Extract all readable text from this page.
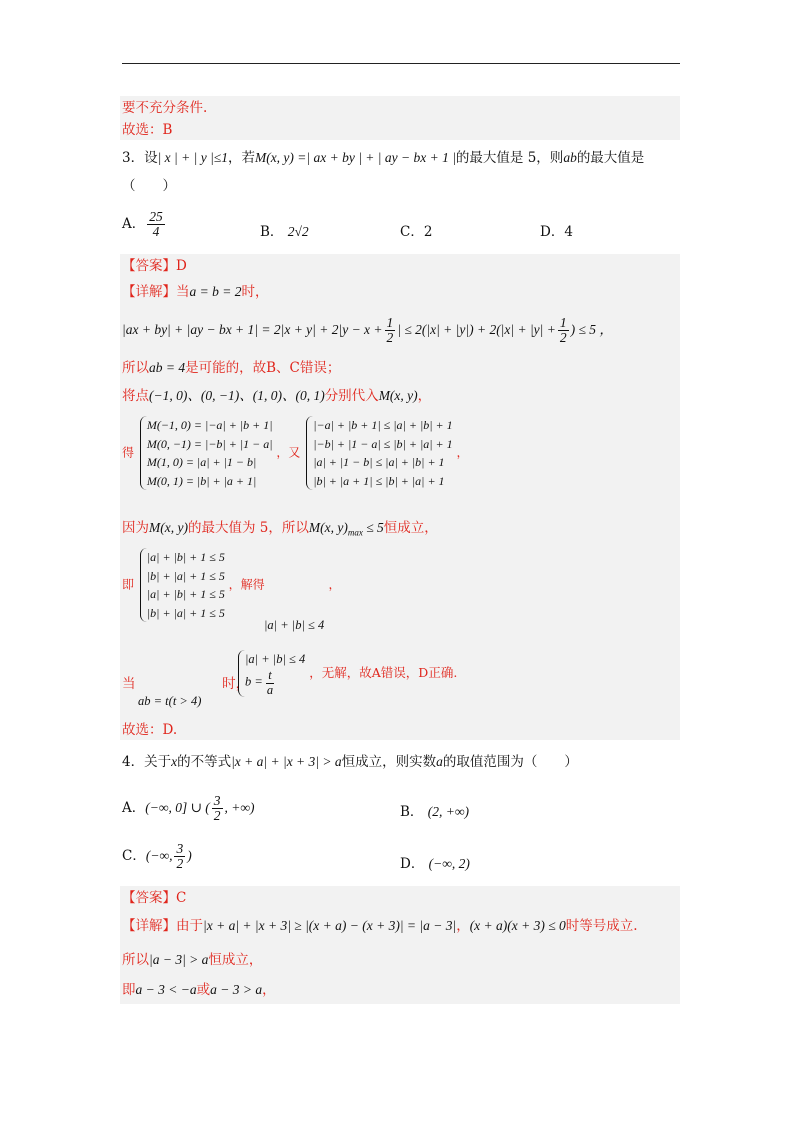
要不充分条件.
故选：B
3．设| x | + | y |≤1，若M(x, y) =| ax + by | + | ay − bx + 1 |的最大值是 5，则ab的最大值是
（　　）
A． $\frac{25}{4}$	B． 2√2	C．2	D．4
【答案】D
【详解】当a = b = 2时，
|ax + by| + |ay − bx + $1| = 2|x + y| + 2|y - x + \frac{1}{2}$ | ≤ $2(|x| + |y|) + 2(|x| + |y| + \frac{1}{2}$ ) ≤ 5 ，
所以ab = 4是可能的，故B、C错误；
将点(−1, 0)、(0, −1)、(1, 0)、(0, 1)分别代入M(x, y)，
得
M(−1, 0) = |−a| + |b + 1|
M(0, −1) = |−b| + |1 − a|
M(1, 0) = |a| + |1 − b|
M(0, 1) = |b| + |a + 1|
，又
|−a| + |b + 1| ≤ |a| + |b| + 1
|−b| + |1 − a| ≤ |b| + |a| + 1
|a| + |1 − b| ≤ |a| + |b| + 1
|b| + |a + 1| ≤ |b| + |a| + 1
，
因为M(x, y)的最大值为 5，所以M(x, $y)_{max} \le 5$恒成立，
即
|a| + |b| + 1 ≤ 5
|b| + |a| + 1 ≤ 5
|a| + |b| + 1 ≤ 5
|b| + |a| + 1 ≤ 5
，解得	，
|a| + |b| ≤ 4
当	时，
ab = t(t > 4)
|a| + |b| ≤ 4
$b = \frac{t}{a}$	，无解，故A错误，D正确.
故选：D.
4．关于x的不等式|x + a| + |x + 3| > a恒成立，则实数a的取值范围为（　　）
A．(−∞, 0] ∪ ( $\frac{3}{2}$ , +∞)	B． (2, +∞)
C．(−∞, $\frac{3}{2}$ )
D． (−∞, 2)
【答案】C
【详解】由于|x + a| + |x + 3| ≥ |(x + a) − (x + 3)| = |a − 3|，(x + a)(x + 3) ≤ 0时等号成立.
所以|a − 3| > a恒成立，
即a − 3 < −a或a − 3 > a，
